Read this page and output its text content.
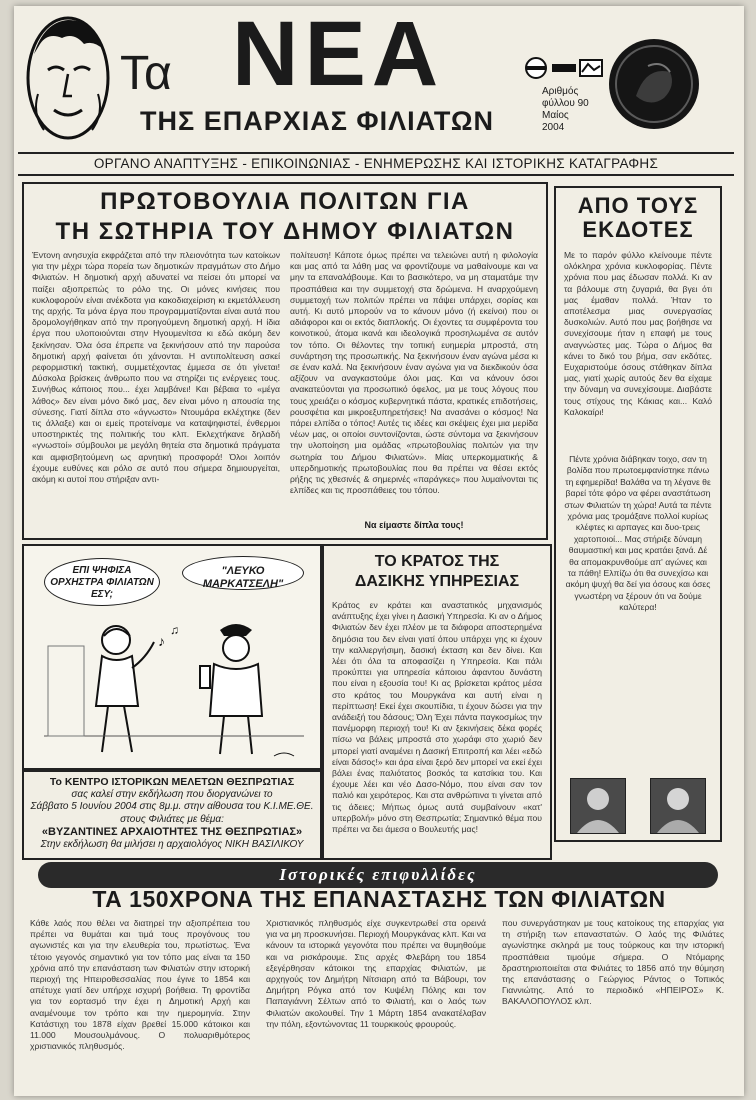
Τα ΝΕΑ
ΤΗΣ ΕΠΑΡΧΙΑΣ ΦΙΛΙΑΤΩΝ
Αριθμός φύλλου 90
Μαίος
2004
ΟΡΓΑΝΟ ΑΝΑΠΤΥΞΗΣ - ΕΠΙΚΟΙΝΩΝΙΑΣ - ΕΝΗΜΕΡΩΣΗΣ ΚΑΙ ΙΣΤΟΡΙΚΗΣ ΚΑΤΑΓΡΑΦΗΣ
ΠΡΩΤΟΒΟΥΛΙΑ ΠΟΛΙΤΩΝ ΓΙΑ
ΤΗ ΣΩΤΗΡΙΑ ΤΟΥ ΔΗΜΟΥ ΦΙΛΙΑΤΩΝ
Έντονη ανησυχία εκφράζεται από την πλειονότητα των κατοίκων για την μέχρι τώρα πορεία των δημοτικών πραγμάτων στο Δήμο Φιλιατών. Η δημοτική αρχή αδυνατεί να πείσει ότι μπορεί να παίξει αξιοπρεπώς το ρόλο της. Οι μόνες κινήσεις που κυκλοφορούν είναι ανέκδοτα για κακοδιαχείριση κι εκμετάλλευση της αρχής. Τα μόνα έργα που προγραμματίζονται είναι αυτά που δρομολογήθηκαν από την προηγούμενη δημοτική αρχή. Η ίδια έργα που υλοποιούνται στην Ηγουμενίτσα κι εδώ ακόμη δεν ξεκίνησαν. Όλα όσα έπρεπε να ξεκινήσουν από την παρούσα δημοτική αρχή φαίνεται ότι χάνονται. Η αντιπολίτευση ασκεί ρεφορμιστική τακτική, συμμετέχοντας έμμεσα σε ότι γίνεται! Δύσκολα βρίσκεις άνθρωπο που να στηρίζει τις ενέργειες τους. Συνήθως κάποιος που... έχει λαμβάνει! Και βέβαια το «μέγα λάθος» δεν είναι μόνο δικό μας, δεν είναι μόνο η απουσία της σύνεσης. Γιατί δίπλα στο «άγνωστο» Ντουμάρα εκλέχτηκε (δεν τις άλλαξε) και οι εμείς προτείναμε να καταψηφιστεί, ένθερμοι υποστηρικτές της πολιτικής του κλπ. Εκλεχτήκανε δηλαδή «γνωστοί» σύμβουλοι με μεγάλη θητεία στα δημοτικά πράγματα και αμφισβητούμενη ως αρνητική προσφορά! Όλοι λοιπόν έχουμε ευθύνες και ρόλο σε αυτό που σήμερα δημιουργείται, ακόμη κι αυτοί που στήριξαν αντι-
πολίτευση! Κάποτε όμως πρέπει να τελειώνει αυτή η φιλολογία και μας από τα λάθη μας να φροντίζουμε να μαθαίνουμε και να μην τα επαναλάβουμε. Και το βασικότερο, να μη σταματάμε την προσπάθεια και την συμμετοχή στα δρώμενα. Η αναρχούμενη συμμετοχή των πολιτών πρέπει να πάψει υπάρχει, σορίας και αυτή. Κι αυτό μπορούν να το κάνουν μόνο (ή εκείνοι) που οι αδιάφοροι και οι εκτός διαπλοκής. Οι έχοντες τα συμφέροντα του κοινοτικού, άτομα ικανά και ιδεολογικά προσηλωμένα σε αυτόν τον τόπο. Οι θέλοντες την τοπική ευημερία μπροστά, στη συνάρτηση της προσωπικής. Να ξεκινήσουν έναν αγώνα μέσα κι σε έναν καλά. Να ξεκινήσουν έναν αγώνα για να διεκδικούν όσα αξίζουν να αναγκαστούμε όλοι μας. Και να κάνουν όσοι ανακατεύονται για προσωπικό όφελος, μα με τους λόγους που τους χρειάζει ο κόσμος κυβερνητικά πάστα, κρατικές επιδοτήσεις, ρουσφέτια και μικροεξυπηρετήσεις! Να ανασάνει ο κόσμος! Να πάρει ελπίδα ο τόπος! Αυτές τις ιδέες και σκέψεις έχει μια μερίδα νέων μας, οι οποίοι συντονίζονται, ώστε σύντομα να ξεκινήσουν την υλοποίηση μια ομάδας «πρωτοβουλίας πολιτών για την σωτηρία του Δήμου Φιλιατών». Μίας υπερκομματικής & υπερδημοτικής πρωτοβουλίας που θα πρέπει να θέσει εκτός ρήξης τις χθεσινές & σημερινές «παράγκες» που λυμαίνονται τις ελπίδες και τις προσπάθειες του τόπου.
Να είμαστε δίπλα τους!
ΑΠΟ ΤΟΥΣ
ΕΚΔΟΤΕΣ
Με το παρόν φύλλο κλείνουμε πέντε ολόκληρα χρόνια κυκλοφορίας. Πέντε χρόνια που μας έδωσαν πολλά. Κι αν τα βάλουμε στη ζυγαριά, θα βγει ότι μας έμαθαν πολλά. Ήταν το αποτέλεσμα μιας συνεργασίας δυσκολιών. Αυτό που μας βοήθησε να συνεχίσουμε ήταν η επαφή με τους αναγνώστες μας. Τώρα ο Δήμος θα κάνει το δικό του βήμα, σαν εκδότες. Ευχαριστούμε όσους στάθηκαν δίπλα μας, γιατί χωρίς αυτούς δεν θα είχαμε την δύναμη να συνεχίσουμε. Διαβάστε τους στίχους της Κάκιας και... Καλό Καλοκαίρι!
Πέντε χρόνια διάβηκαν τοιχο, σαν τη βολίδα που πρωτοεμφανίστηκε πάνω τη εφημερίδα! Βαλάθα να τη λέγανε θε βαρεί τότε φόρο να φέρει αναστάτωση στων Φιλιατών τη χώρα! Αυτά τα πέντε χρόνια μας τρομάξανε πολλοί κυρίως κλέφτες κι αρπαγες και δυο-τρεις χαρτοποιοί... Μας στήριξε δύναμη θαυμαστική και μας κρατάει ξανά. Δέ θα απομακρυνθούμε απ' αγώνες και τα πάθη! Ελπίζω ότι θα συνεχίσω και ακόμη ψυχή θα δεί για όσους και όσες γνωστέρη να ξέρουν ότι να δούμε καλύτερα!
ΕΠΙ ΨΗΦΙΣΑ ΟΡΧΗΣΤΡΑ ΦΙΛΙΑΤΩΝ ΕΣΥ;
"ΛΕΥΚΟ ΜΑΡΚΑΤΣΕΛΗ"
♪
♫
ΤΟ ΚΡΑΤΟΣ ΤΗΣ
ΔΑΣΙΚΗΣ ΥΠΗΡΕΣΙΑΣ
Κράτος εν κράτει και αναστατικός μηχανισμός ανάπτυξης έχει γίνει η Δασική Υπηρεσία. Κι αν ο Δήμος Φιλιατών δεν έχει πλέον με τα διάφορα αποστερημένα δημόσια του δεν είναι γιατί όπου υπάρχει γης κι έχουν την καλλιεργήσιμη, δασική έκταση και δεν δίνει. Και λέει ότι όλα τα αποφασίζει η Υπηρεσία. Και πάλι προκύπτει για υπηρεσία κάποιου άφαντου δυνάστη που είναι η εξουσία του! Κι ας βρίσκεται κράτος μέσα στο κράτος του Μουργκάνα και αυτή είναι η περίπτωση! Εκεί έχει σκουπίδια, τι έχουν δώσει για την ανάδειξή του δάσους; Όλη Έχει πάντα παγκοσμίως την πανέμορφη περιοχή του! Κι αν ξεκινήσεις δέκα φορές πίσω να βάλεις μπροστά στο χωράφι στο χωριό δεν μπορεί γιατί αναμένει η Δασική Επιτροπή και λέει «εδώ είναι δάσος!» και άρα είναι ξερό δεν μπορεί να εκεί έχει βάλει ένας παλιότατος βοσκός τα κατσίκια του. Και έχουμε λέει και νέο Δασο-Νόμο, που είναι σαν τον παλιό και χειρότερος. Και στα ανθρώπινα τι γίνεται από τις άδειες; Μήπως όμως αυτά συμβαίνουν «κατ' υπερβολή» μόνο στη Θεσπρωτία; Σημαντικό θέμα που πρέπει να δει άμεσα ο Βουλευτής μας!
Το ΚΕΝΤΡΟ ΙΣΤΟΡΙΚΩΝ ΜΕΛΕΤΩΝ ΘΕΣΠΡΩΤΙΑΣ
σας καλεί στην εκδήλωση που διοργανώνει το
Σάββατο 5 Ιουνίου 2004 στις 8μ.μ. στην αίθουσα του Κ.Ι.ΜΕ.ΘΕ.
στους Φιλιάτες με θέμα:
«ΒΥΖΑΝΤΙΝΕΣ ΑΡΧΑΙΟΤΗΤΕΣ ΤΗΣ ΘΕΣΠΡΩΤΙΑΣ»
Στην εκδήλωση θα μιλήσει η αρχαιολόγος ΝΙΚΗ ΒΑΣΙΛΙΚΟΥ
Ιστορικές επιφυλλίδες
ΤΑ 150ΧΡΟΝΑ ΤΗΣ ΕΠΑΝΑΣΤΑΣΗΣ ΤΩΝ ΦΙΛΙΑΤΩΝ
Κάθε λαός που θέλει να διατηρεί την αξιοπρέπεια του πρέπει να θυμάται και τιμά τους προγόνους του αγωνιστές και για την ελευθερία του, πρωτίστως. Ένα τέτοιο γεγονός σημαντικό για τον τόπο μας είναι τα 150 χρόνια από την επανάσταση των Φιλιατών στην ιστορική περιοχή της Ηπειροθεσσαλίας που έγινε το 1854 και απέτυχε γιατί δεν υπήρχε ισχυρή βοήθεια. Τη φροντίδα για τον εορτασμό την έχει η Δημοτική Αρχή και αναμένουμε τον τρόπο και την ημερομηνία. Στην Κατάστιχη του 1878 είχαν βρεθεί 15.000 κάτοικοι και 11.000 Μουσουλμάνους. Ο πολυαριθμότερος χριστιανικός πληθυσμός.
Χριστιανικός πληθυσμός είχε συγκεντρωθεί στα ορεινά για να μη προσκυνήσει. Περιοχή Μουργκάνας κλπ. Και να κάνουν τα ιστορικά γεγονότα που πρέπει να θυμηθούμε και να ρισκάρουμε. Στις αρχές Φλεβάρη του 1854 εξεγέρθησαν κάτοικοι της επαρχίας Φιλιατών, με αρχηγούς τον Δημήτρη Νίτσιαρη από τα Βάβουρι, τον Δημήτρη Ρόγκα από τον Κυψέλη Πόλης και τον Παπαγιάννη Σέλτων από το Φιλιατή, και ο λαός των Φιλιατών ακολουθεί. Την 1 Μάρτη 1854 ανακατέλαβαν την πόλη, εξοντώνοντας 11 τουρκικούς φρουρούς.
που συνεργάστηκαν με τους κατοίκους της επαρχίας για τη στήριξη των επαναστατών. Ο λαός της Φιλιάτες αγωνίστηκε σκληρά με τους τούρκους και την ιστορική προσπάθεια τιμούμε σήμερα. Ο Ντόμαρης δραστηριοποιείται στα Φιλιάτες το 1856 από την θύμηση της επανάστασης ο Γεώργιος Ράντος ο Τοπικός Γιαννιώτης. Από το περιοδικό «ΗΠΕΙΡΟΣ» Κ. ΒΑΚΑΛΟΠΟΥΛΟΣ κλπ.
